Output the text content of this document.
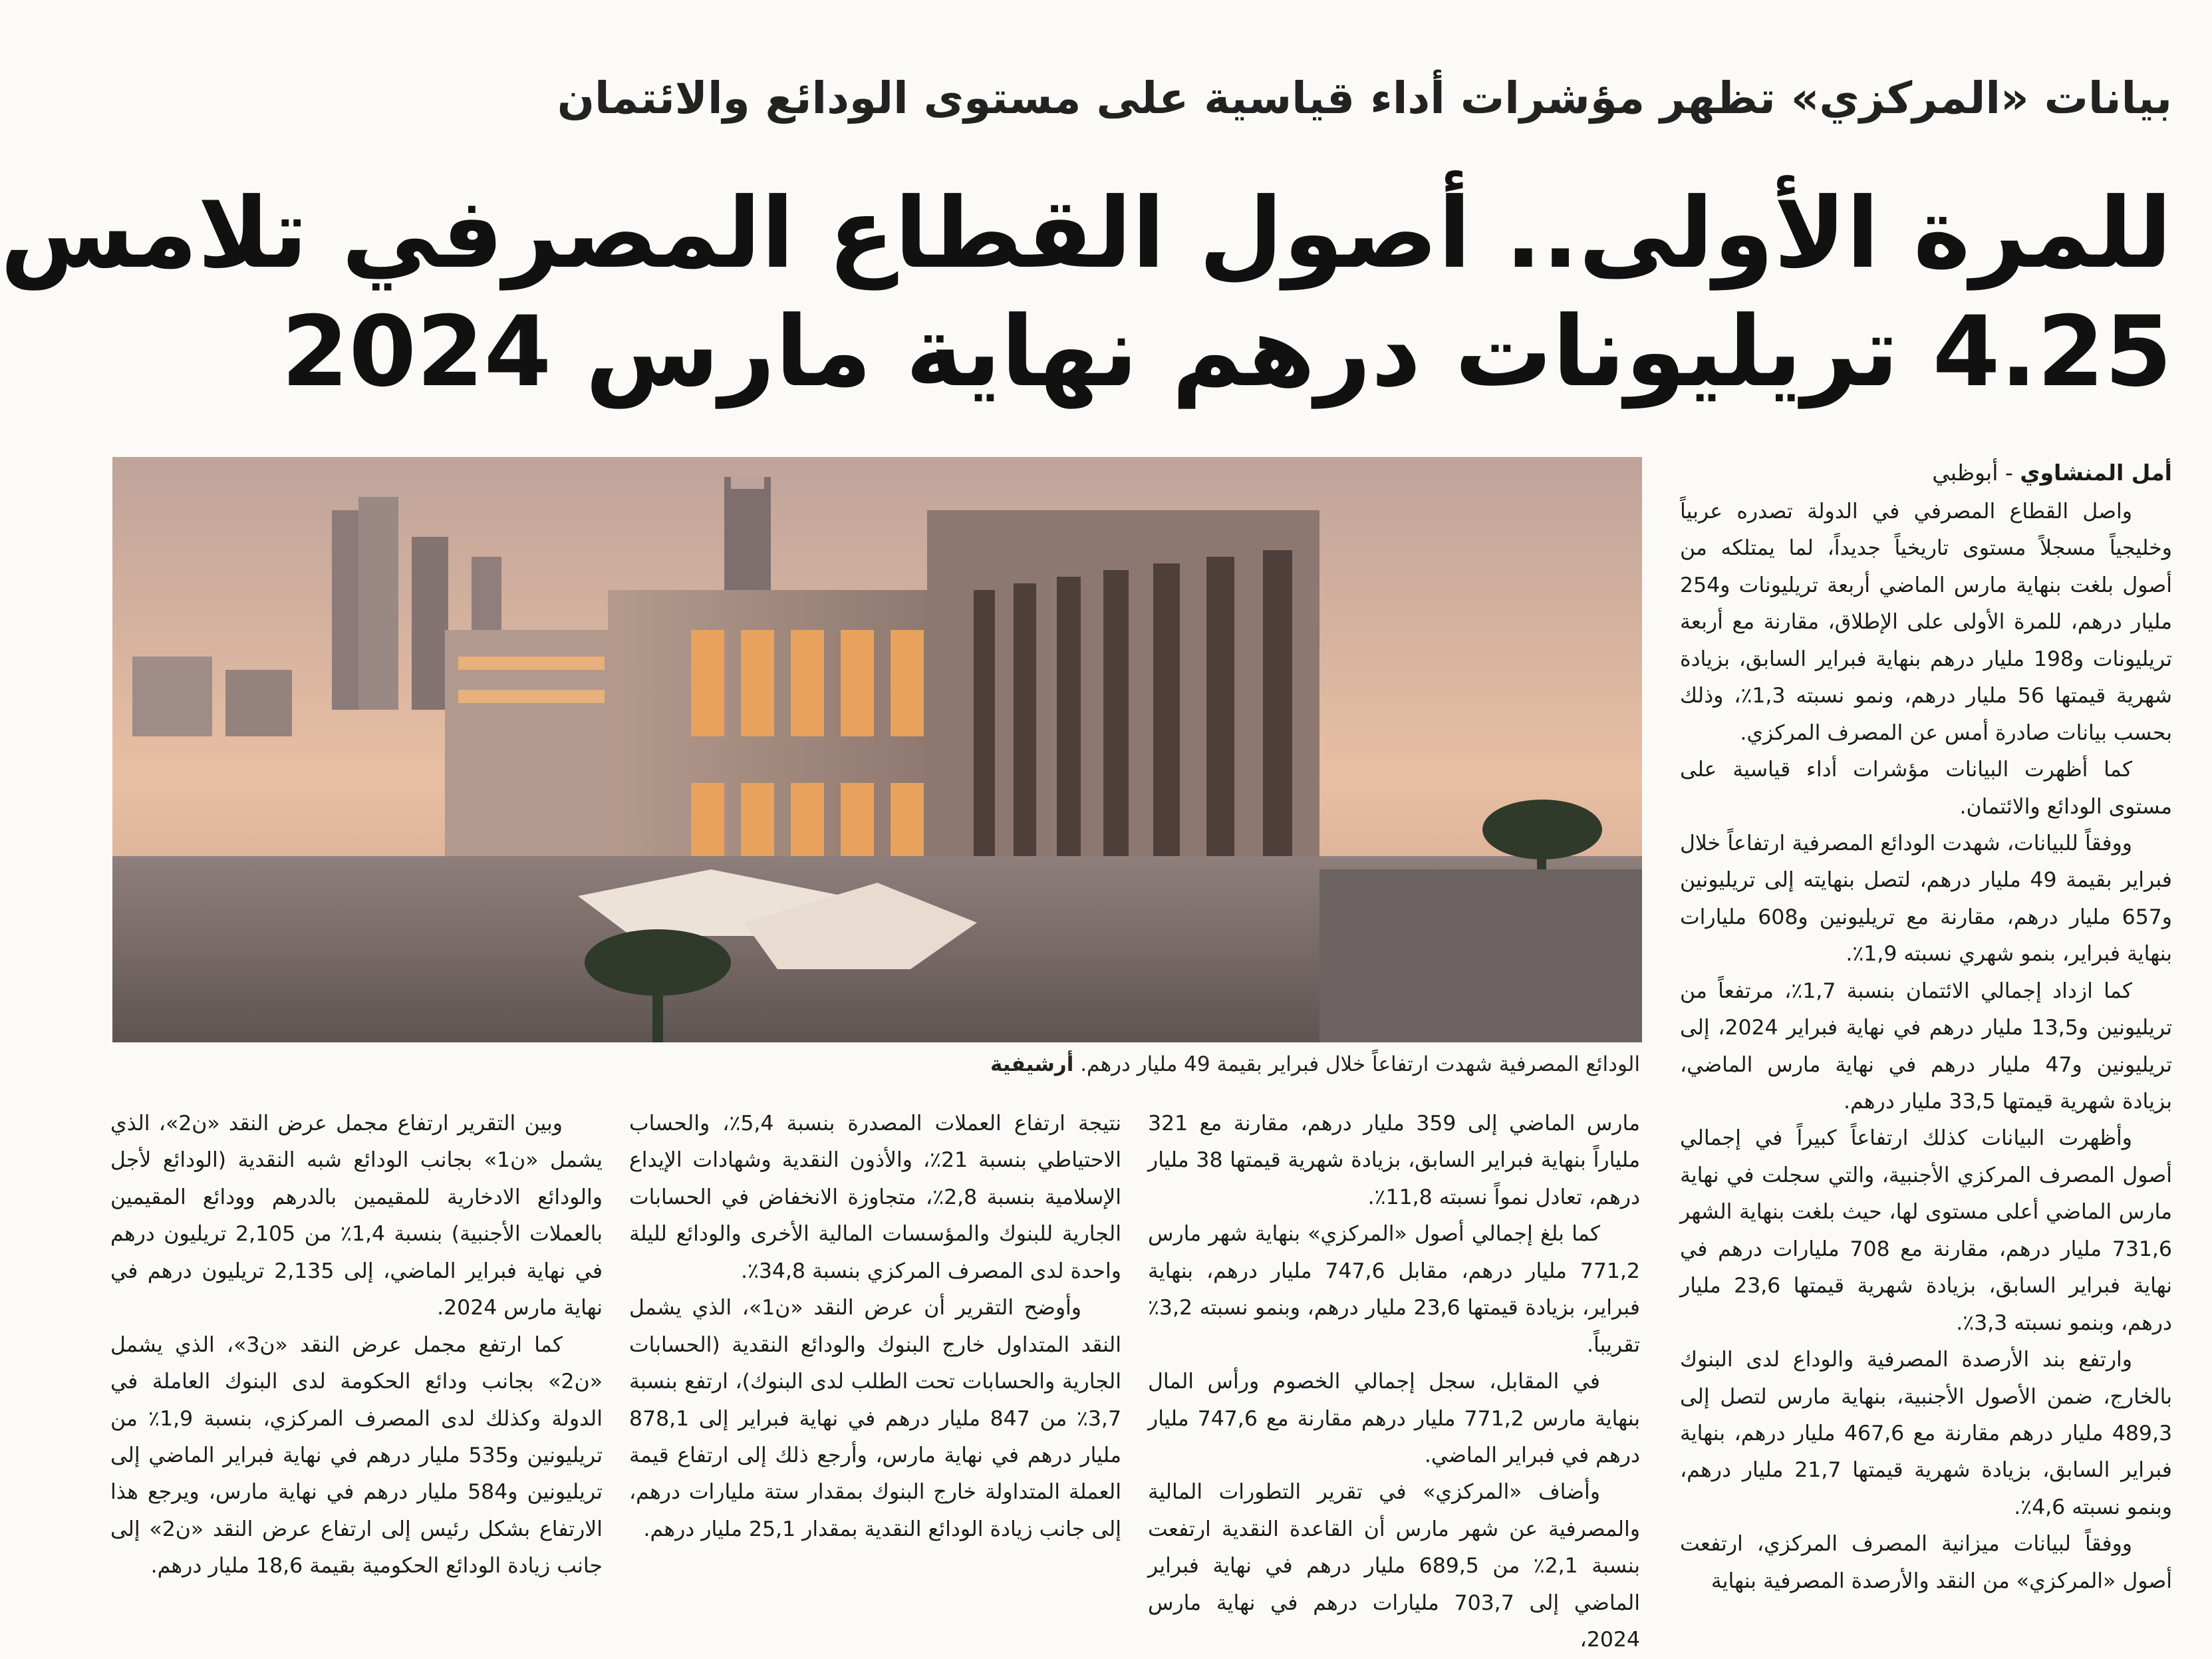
بيانات «المركزي» تظهر مؤشرات أداء قياسية على مستوى الودائع والائتمان
للمرة الأولى.. أصول القطاع المصرفي تلامس
4.25 تريليونات درهم نهاية مارس 2024
أمل المنشاوي - أبوظبي

واصل القطاع المصرفي في الدولة تصدره عربياً وخليجياً مسجلاً مستوى تاريخياً جديداً، لما يمتلكه من أصول بلغت بنهاية مارس الماضي أربعة تريليونات و254 مليار درهم، للمرة الأولى على الإطلاق، مقارنة مع أربعة تريليونات و198 مليار درهم بنهاية فبراير السابق، بزيادة شهرية قيمتها 56 مليار درهم، ونمو نسبته 1,3٪، وذلك بحسب بيانات صادرة أمس عن المصرف المركزي.

كما أظهرت البيانات مؤشرات أداء قياسية على مستوى الودائع والائتمان.

ووفقاً للبيانات، شهدت الودائع المصرفية ارتفاعاً خلال فبراير بقيمة 49 مليار درهم، لتصل بنهايته إلى تريليونين و657 مليار درهم، مقارنة مع تريليونين و608 مليارات بنهاية فبراير، بنمو شهري نسبته 1,9٪.

كما ازداد إجمالي الائتمان بنسبة 1,7٪، مرتفعاً من تريليونين و13,5 مليار درهم في نهاية فبراير 2024، إلى تريليونين و47 مليار درهم في نهاية مارس الماضي، بزيادة شهرية قيمتها 33,5 مليار درهم.

وأظهرت البيانات كذلك ارتفاعاً كبيراً في إجمالي أصول المصرف المركزي الأجنبية، والتي سجلت في نهاية مارس الماضي أعلى مستوى لها، حيث بلغت بنهاية الشهر 731,6 مليار درهم، مقارنة مع 708 مليارات درهم في نهاية فبراير السابق، بزيادة شهرية قيمتها 23,6 مليار درهم، وبنمو نسبته 3,3٪.

وارتفع بند الأرصدة المصرفية والوداع لدى البنوك بالخارج، ضمن الأصول الأجنبية، بنهاية مارس لتصل إلى 489,3 مليار درهم مقارنة مع 467,6 مليار درهم، بنهاية فبراير السابق، بزيادة شهرية قيمتها 21,7 مليار درهم، وبنمو نسبته 4,6٪.

ووفقاً لبيانات ميزانية المصرف المركزي، ارتفعت أصول «المركزي» من النقد والأرصدة المصرفية بنهاية

الودائع المصرفية شهدت ارتفاعاً خلال فبراير بقيمة 49 مليار درهم. أرشيفية

مارس الماضي إلى 359 مليار درهم، مقارنة مع 321 ملياراً بنهاية فبراير السابق، بزيادة شهرية قيمتها 38 مليار درهم، تعادل نمواً نسبته 11,8٪.

كما بلغ إجمالي أصول «المركزي» بنهاية شهر مارس 771,2 مليار درهم، مقابل 747,6 مليار درهم، بنهاية فبراير، بزيادة قيمتها 23,6 مليار درهم، وبنمو نسبته 3,2٪ تقريباً.

في المقابل، سجل إجمالي الخصوم ورأس المال بنهاية مارس 771,2 مليار درهم مقارنة مع 747,6 مليار درهم في فبراير الماضي.

وأضاف «المركزي» في تقرير التطورات المالية والمصرفية عن شهر مارس أن القاعدة النقدية ارتفعت بنسبة 2,1٪ من 689,5 مليار درهم في نهاية فبراير الماضي إلى 703,7 مليارات درهم في نهاية مارس 2024،

نتيجة ارتفاع العملات المصدرة بنسبة 5,4٪، والحساب الاحتياطي بنسبة 21٪، والأذون النقدية وشهادات الإيداع الإسلامية بنسبة 2,8٪، متجاوزة الانخفاض في الحسابات الجارية للبنوك والمؤسسات المالية الأخرى والودائع لليلة واحدة لدى المصرف المركزي بنسبة 34,8٪.

وأوضح التقرير أن عرض النقد «ن1»، الذي يشمل النقد المتداول خارج البنوك والودائع النقدية (الحسابات الجارية والحسابات تحت الطلب لدى البنوك)، ارتفع بنسبة 3,7٪ من 847 مليار درهم في نهاية فبراير إلى 878,1 مليار درهم في نهاية مارس، وأرجع ذلك إلى ارتفاع قيمة العملة المتداولة خارج البنوك بمقدار ستة مليارات درهم، إلى جانب زيادة الودائع النقدية بمقدار 25,1 مليار درهم.

وبين التقرير ارتفاع مجمل عرض النقد «ن2»، الذي يشمل «ن1» بجانب الودائع شبه النقدية (الودائع لأجل والودائع الادخارية للمقيمين بالدرهم وودائع المقيمين بالعملات الأجنبية) بنسبة 1,4٪ من 2,105 تريليون درهم في نهاية فبراير الماضي، إلى 2,135 تريليون درهم في نهاية مارس 2024.

كما ارتفع مجمل عرض النقد «ن3»، الذي يشمل «ن2» بجانب ودائع الحكومة لدى البنوك العاملة في الدولة وكذلك لدى المصرف المركزي، بنسبة 1,9٪ من تريليونين و535 مليار درهم في نهاية فبراير الماضي إلى تريليونين و584 مليار درهم في نهاية مارس، ويرجع هذا الارتفاع بشكل رئيس إلى ارتفاع عرض النقد «ن2» إلى جانب زيادة الودائع الحكومية بقيمة 18,6 مليار درهم.
